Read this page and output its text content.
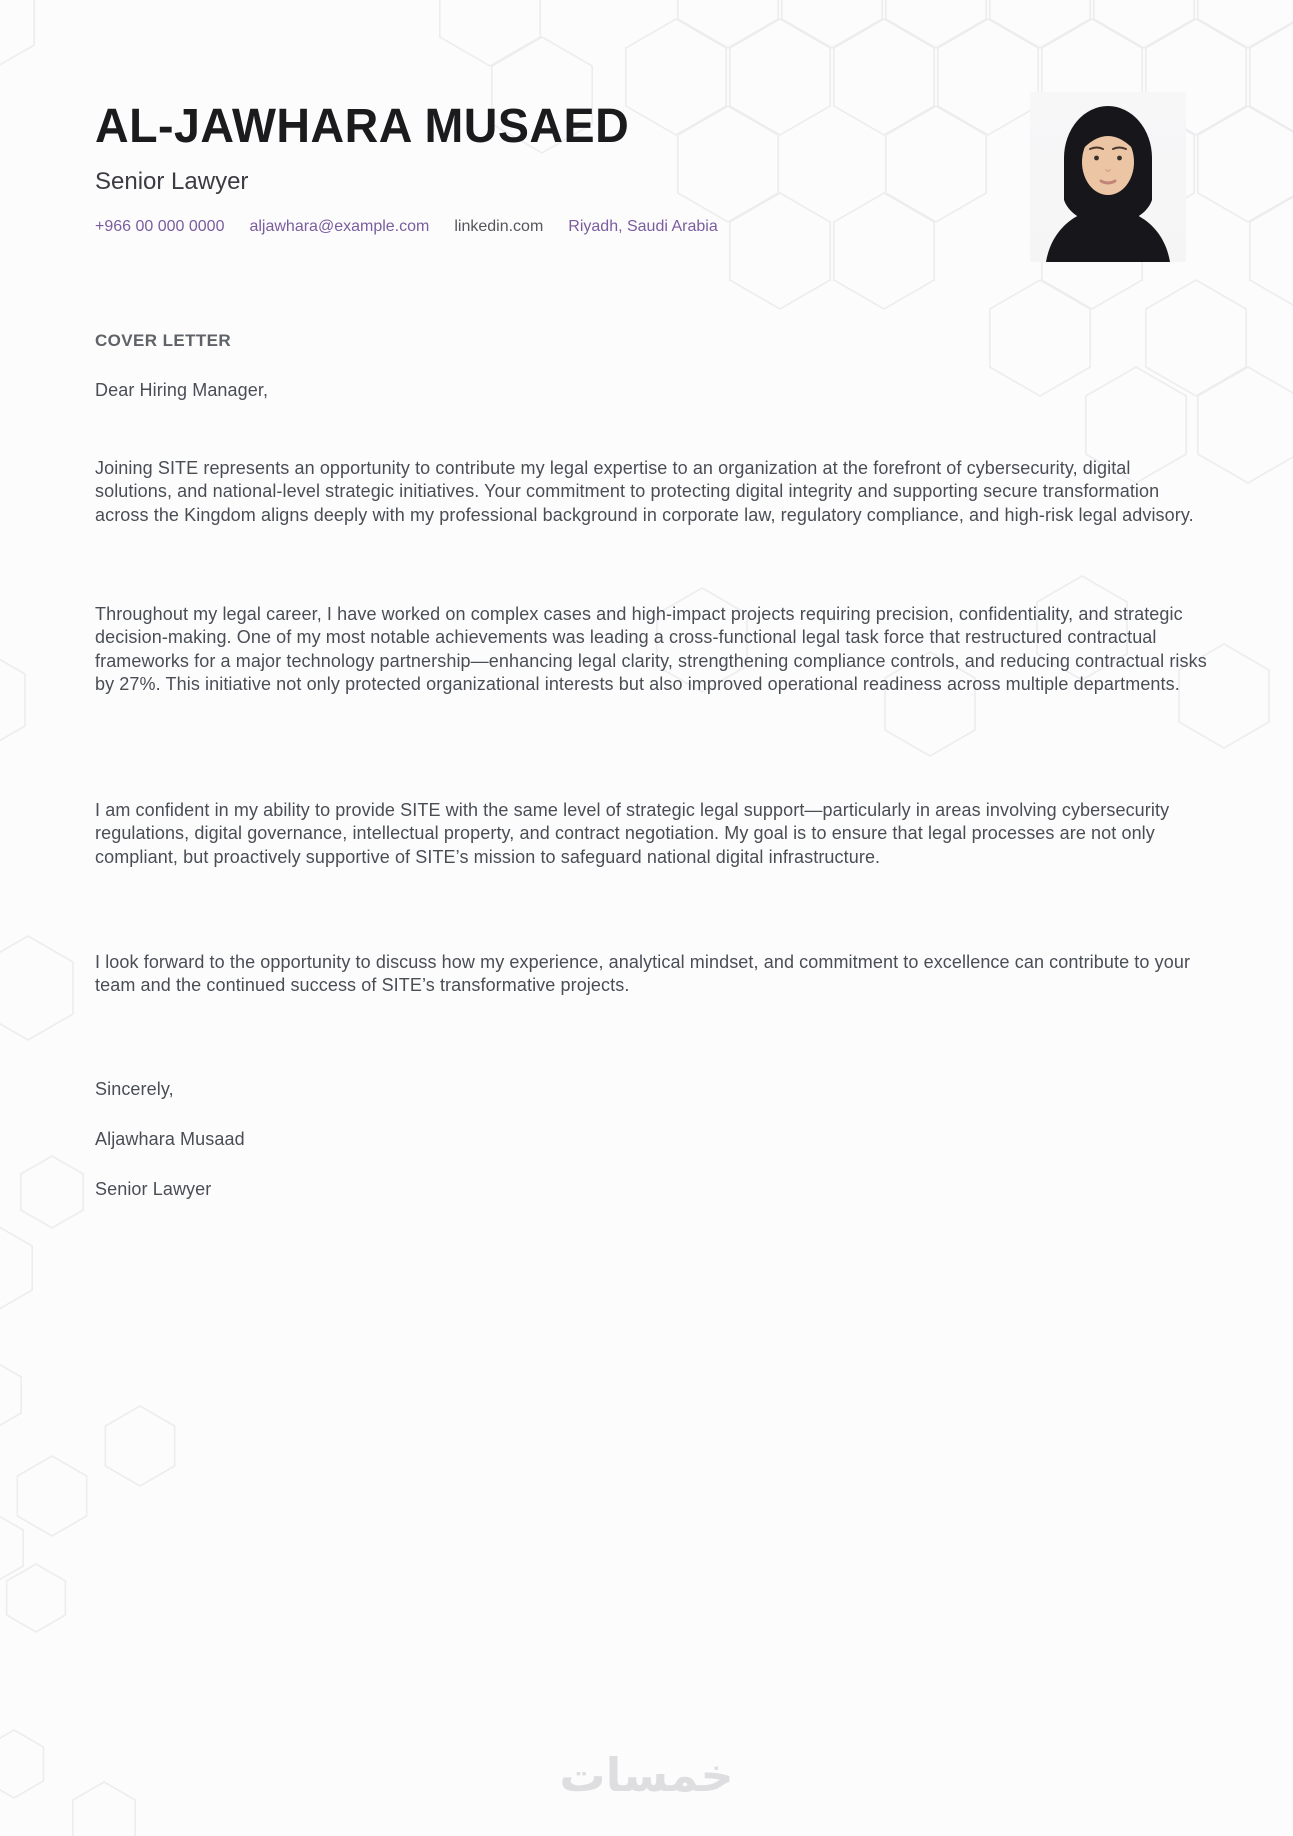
AL-JAWHARA MUSAED
Senior Lawyer
+966 00 000 0000 aljawhara@example.com linkedin.com Riyadh, Saudi Arabia
COVER LETTER

Dear Hiring Manager,

Joining SITE represents an opportunity to contribute my legal expertise to an organization at the forefront of cybersecurity, digital solutions, and national-level strategic initiatives. Your commitment to protecting digital integrity and supporting secure transformation across the Kingdom aligns deeply with my professional background in corporate law, regulatory compliance, and high-risk legal advisory.

Throughout my legal career, I have worked on complex cases and high-impact projects requiring precision, confidentiality, and strategic decision-making. One of my most notable achievements was leading a cross-functional legal task force that restructured contractual frameworks for a major technology partnership—enhancing legal clarity, strengthening compliance controls, and reducing contractual risks by 27%. This initiative not only protected organizational interests but also improved operational readiness across multiple departments.

I am confident in my ability to provide SITE with the same level of strategic legal support—particularly in areas involving cybersecurity regulations, digital governance, intellectual property, and contract negotiation. My goal is to ensure that legal processes are not only compliant, but proactively supportive of SITE’s mission to safeguard national digital infrastructure.

I look forward to the opportunity to discuss how my experience, analytical mindset, and commitment to excellence can contribute to your team and the continued success of SITE’s transformative projects.

Sincerely,

Aljawhara Musaad

Senior Lawyer

خمسات
